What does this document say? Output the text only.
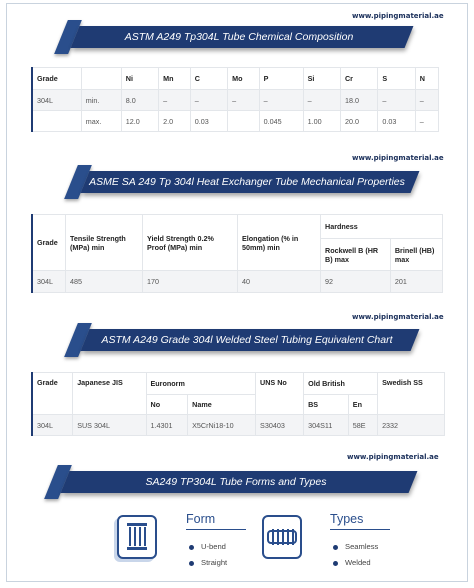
www.pipingmaterial.ae
ASTM A249 Tp304L Tube Chemical Composition
Grade		Ni	Mn	C	Mo	P	Si	Cr	S	N
304L	min.	8.0	–	–	–	–	–	18.0	–	–
	max.	12.0	2.0	0.03		0.045	1.00	20.0	0.03	–
www.pipingmaterial.ae
ASME SA 249 Tp 304l Heat Exchanger Tube Mechanical Properties
Grade	Tensile Strength (MPa) min	Yield Strength 0.2% Proof (MPa) min	Elongation (% in 50mm) min	Hardness	
				Rockwell B (HR B) max	Brinell (HB) max
304L	485	170	40	92	201
www.pipingmaterial.ae
ASTM A249 Grade 304l Welded Steel Tubing Equivalent Chart
Grade	Japanese JIS	Euronorm		UNS No	Old British		Swedish SS
		No	Name		BS	En	
304L	SUS 304L	1.4301	X5CrNi18-10	S30403	304S11	58E	2332
www.pipingmaterial.ae
SA249 TP304L Tube Forms and Types
Form
U-bend
Straight
Types
Seamless
Welded
